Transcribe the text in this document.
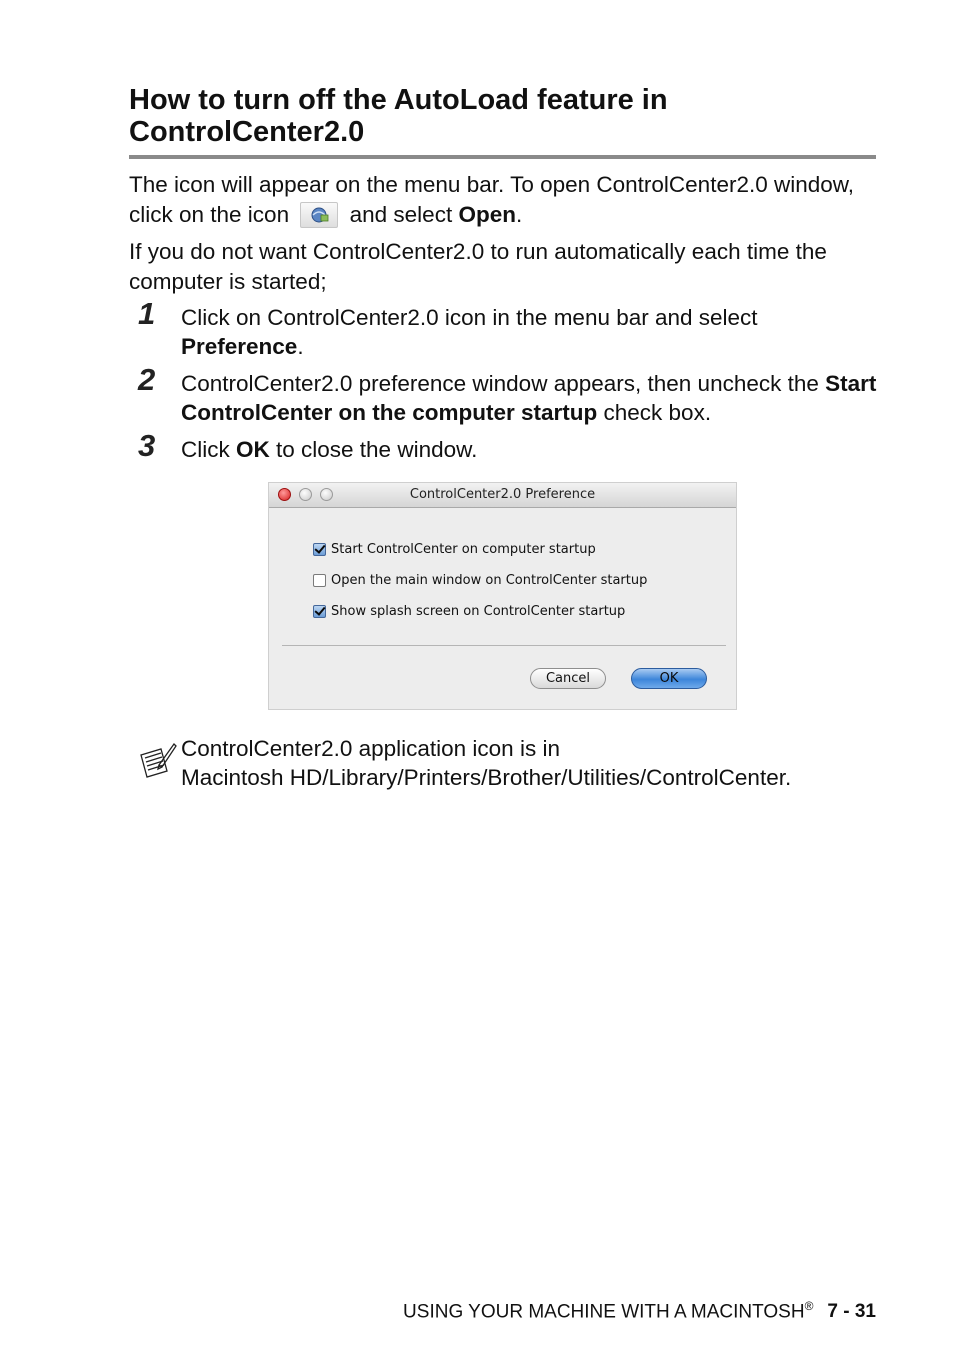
How to turn off the AutoLoad feature in ControlCenter2.0

The icon will appear on the menu bar. To open ControlCenter2.0 window, click on the icon	and select Open.

If you do not want ControlCenter2.0 to run automatically each time the computer is started;

1 Click on ControlCenter2.0 icon in the menu bar and select Preference.

2 ControlCenter2.0 preference window appears, then uncheck the Start ControlCenter on the computer startup check box.

3 Click OK to close the window.

ControlCenter2.0 Preference
Start ControlCenter on computer startup
Open the main window on ControlCenter startup
Show splash screen on ControlCenter startup
Cancel	OK

ControlCenter2.0 application icon is in
Macintosh HD/Library/Printers/Brother/Utilities/ControlCenter.

USING YOUR MACHINE WITH A MACINTOSH® 7 - 31
